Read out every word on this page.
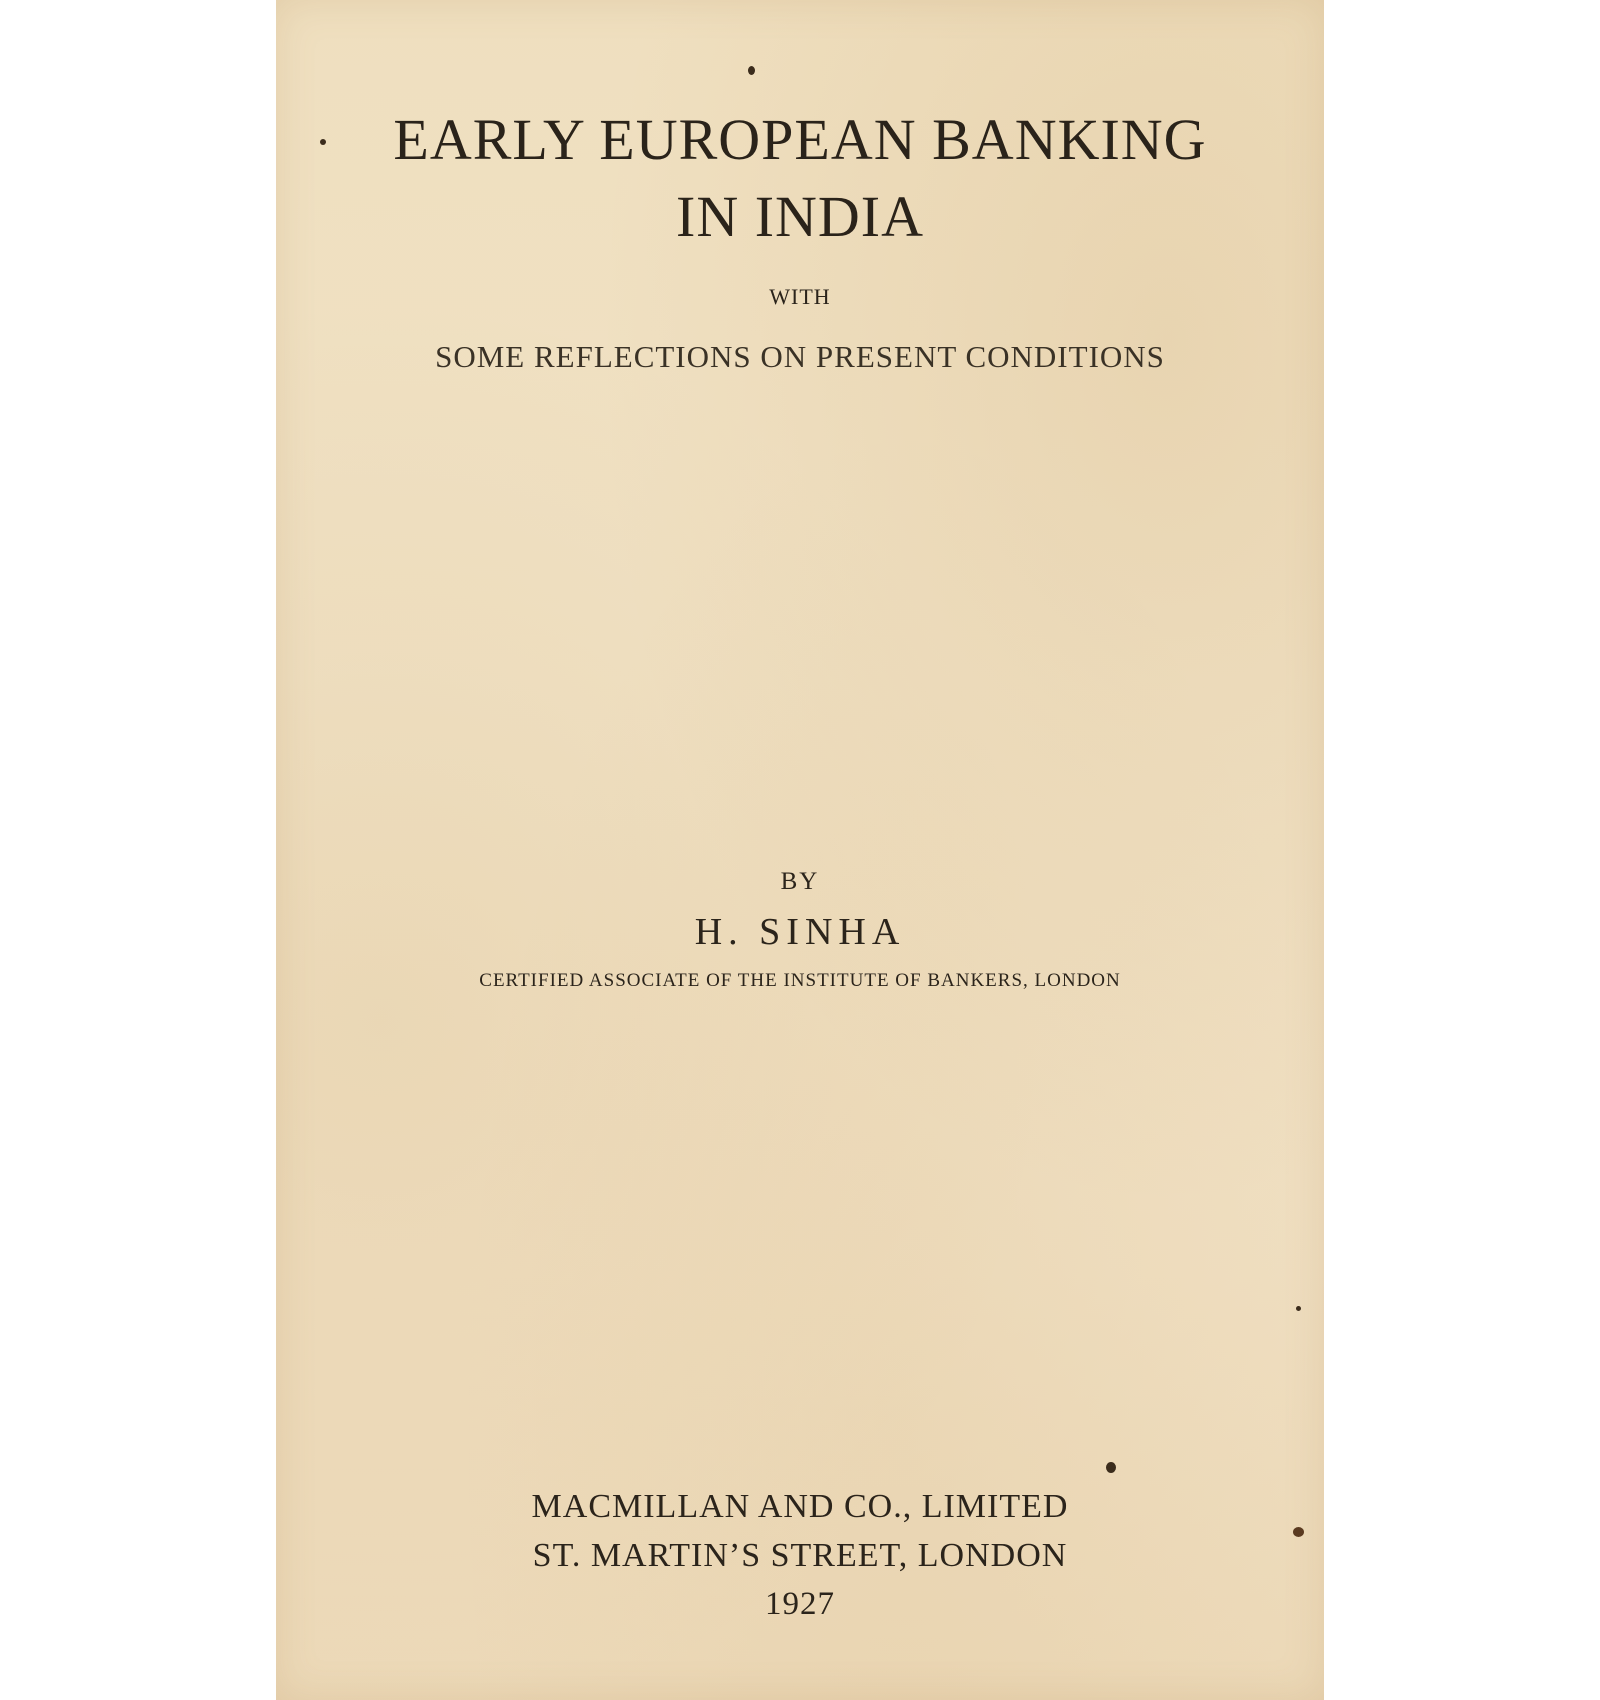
EARLY EUROPEAN BANKING
IN INDIA
WITH
SOME REFLECTIONS ON PRESENT CONDITIONS
BY
H. SINHA
CERTIFIED ASSOCIATE OF THE INSTITUTE OF BANKERS, LONDON
MACMILLAN AND CO., LIMITED
ST. MARTIN’S STREET, LONDON
1927
